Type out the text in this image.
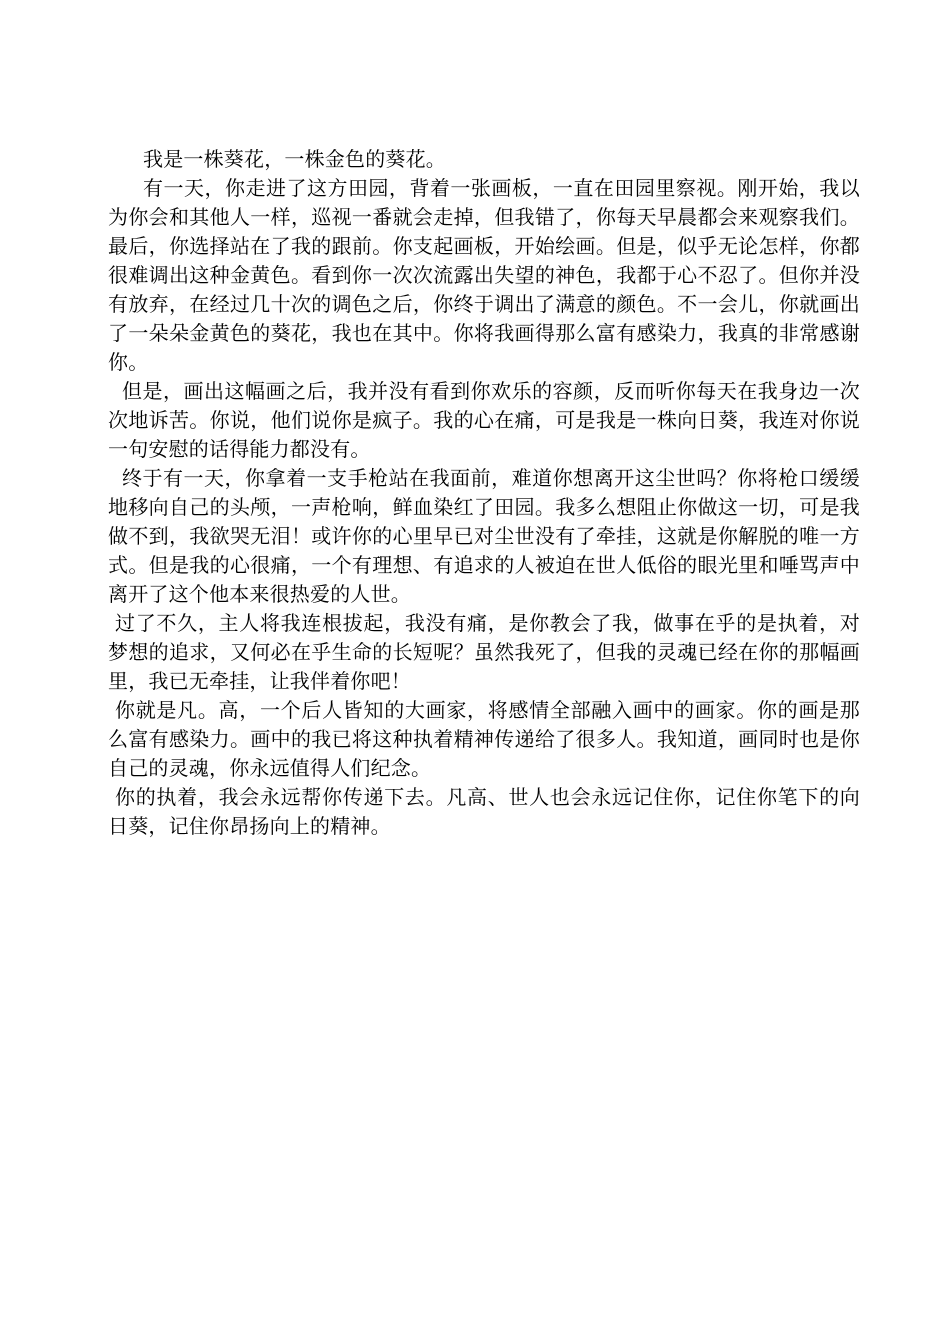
我是一株葵花，一株金色的葵花。

有一天，你走进了这方田园，背着一张画板，一直在田园里察视。刚开始，我以为你会和其他人一样，巡视一番就会走掉，但我错了，你每天早晨都会来观察我们。最后，你选择站在了我的跟前。你支起画板，开始绘画。但是，似乎无论怎样，你都很难调出这种金黄色。看到你一次次流露出失望的神色，我都于心不忍了。但你并没有放弃，在经过几十次的调色之后，你终于调出了满意的颜色。不一会儿，你就画出了一朵朵金黄色的葵花，我也在其中。你将我画得那么富有感染力，我真的非常感谢你。

但是，画出这幅画之后，我并没有看到你欢乐的容颜，反而听你每天在我身边一次次地诉苦。你说，他们说你是疯子。我的心在痛，可是我是一株向日葵，我连对你说一句安慰的话得能力都没有。

终于有一天，你拿着一支手枪站在我面前，难道你想离开这尘世吗？你将枪口缓缓地移向自己的头颅，一声枪响，鲜血染红了田园。我多么想阻止你做这一切，可是我做不到，我欲哭无泪！或许你的心里早已对尘世没有了牵挂，这就是你解脱的唯一方式。但是我的心很痛，一个有理想、有追求的人被迫在世人低俗的眼光里和唾骂声中离开了这个他本来很热爱的人世。

过了不久，主人将我连根拔起，我没有痛，是你教会了我，做事在乎的是执着，对梦想的追求，又何必在乎生命的长短呢？虽然我死了，但我的灵魂已经在你的那幅画里，我已无牵挂，让我伴着你吧！

你就是凡。高，一个后人皆知的大画家，将感情全部融入画中的画家。你的画是那么富有感染力。画中的我已将这种执着精神传递给了很多人。我知道，画同时也是你自己的灵魂，你永远值得人们纪念。

你的执着，我会永远帮你传递下去。凡高、世人也会永远记住你，记住你笔下的向日葵，记住你昂扬向上的精神。
